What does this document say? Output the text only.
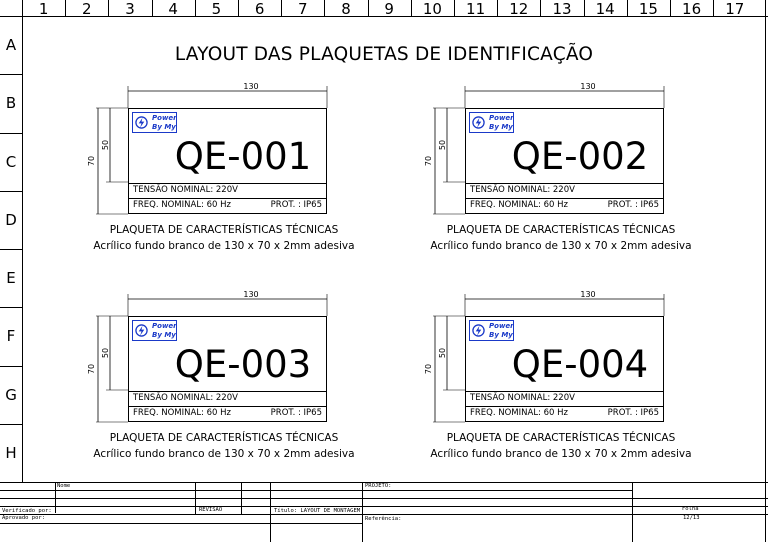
1	2	3	4	5	6	7	8	9	10	11	12	13	14	15	16	17
A
B
C
D
E
F
G
H
LAYOUT DAS PLAQUETAS DE IDENTIFICAÇÃO
130
70
50
Power
By My
QE-001
TENSÃO NOMINAL: 220V
FREQ. NOMINAL: 60 Hz	PROT. : IP65
PLAQUETA DE CARACTERÍSTICAS TÉCNICAS
Acrílico fundo branco de 130 x 70 x 2mm adesiva
130
70
50
Power
By My
QE-002
TENSÃO NOMINAL: 220V
FREQ. NOMINAL: 60 Hz	PROT. : IP65
PLAQUETA DE CARACTERÍSTICAS TÉCNICAS
Acrílico fundo branco de 130 x 70 x 2mm adesiva
130
70
50
Power
By My
QE-003
TENSÃO NOMINAL: 220V
FREQ. NOMINAL: 60 Hz	PROT. : IP65
PLAQUETA DE CARACTERÍSTICAS TÉCNICAS
Acrílico fundo branco de 130 x 70 x 2mm adesiva
130
70
50
Power
By My
QE-004
TENSÃO NOMINAL: 220V
FREQ. NOMINAL: 60 Hz	PROT. : IP65
PLAQUETA DE CARACTERÍSTICAS TÉCNICAS
Acrílico fundo branco de 130 x 70 x 2mm adesiva
Nome	PROJETO:
REVISÃO	Título: LAYOUT DE MONTAGEM	Folha
12/13
Verificado por:
Aprovado por:	Referência:
